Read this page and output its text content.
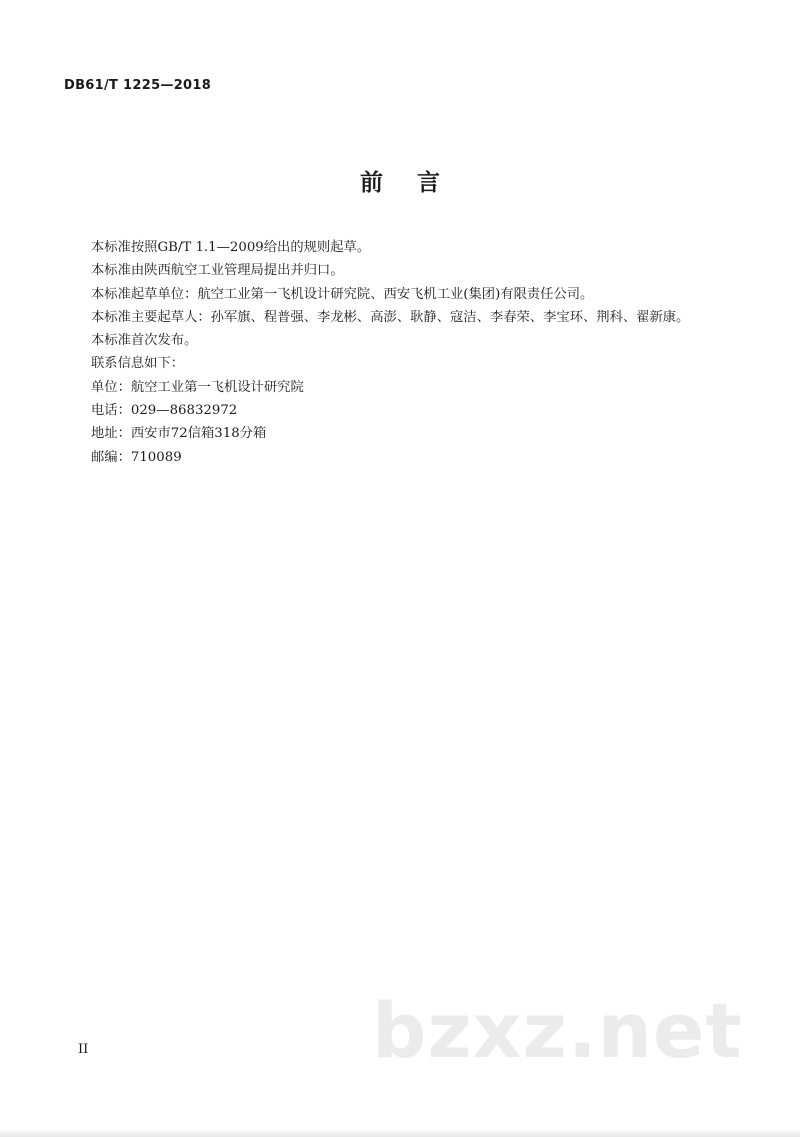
DB61/T 1225—2018
前 言

本标准按照GB/T 1.1—2009给出的规则起草。

本标准由陕西航空工业管理局提出并归口。

本标准起草单位：航空工业第一飞机设计研究院、西安飞机工业(集团)有限责任公司。

本标准主要起草人：孙军旗、程普强、李龙彬、高澎、耿静、寇洁、李春荣、李宝环、荆科、翟新康。

本标准首次发布。

联系信息如下：

单位：航空工业第一飞机设计研究院

电话：029—86832972

地址：西安市72信箱318分箱

邮编：710089

II	bzxz.net
